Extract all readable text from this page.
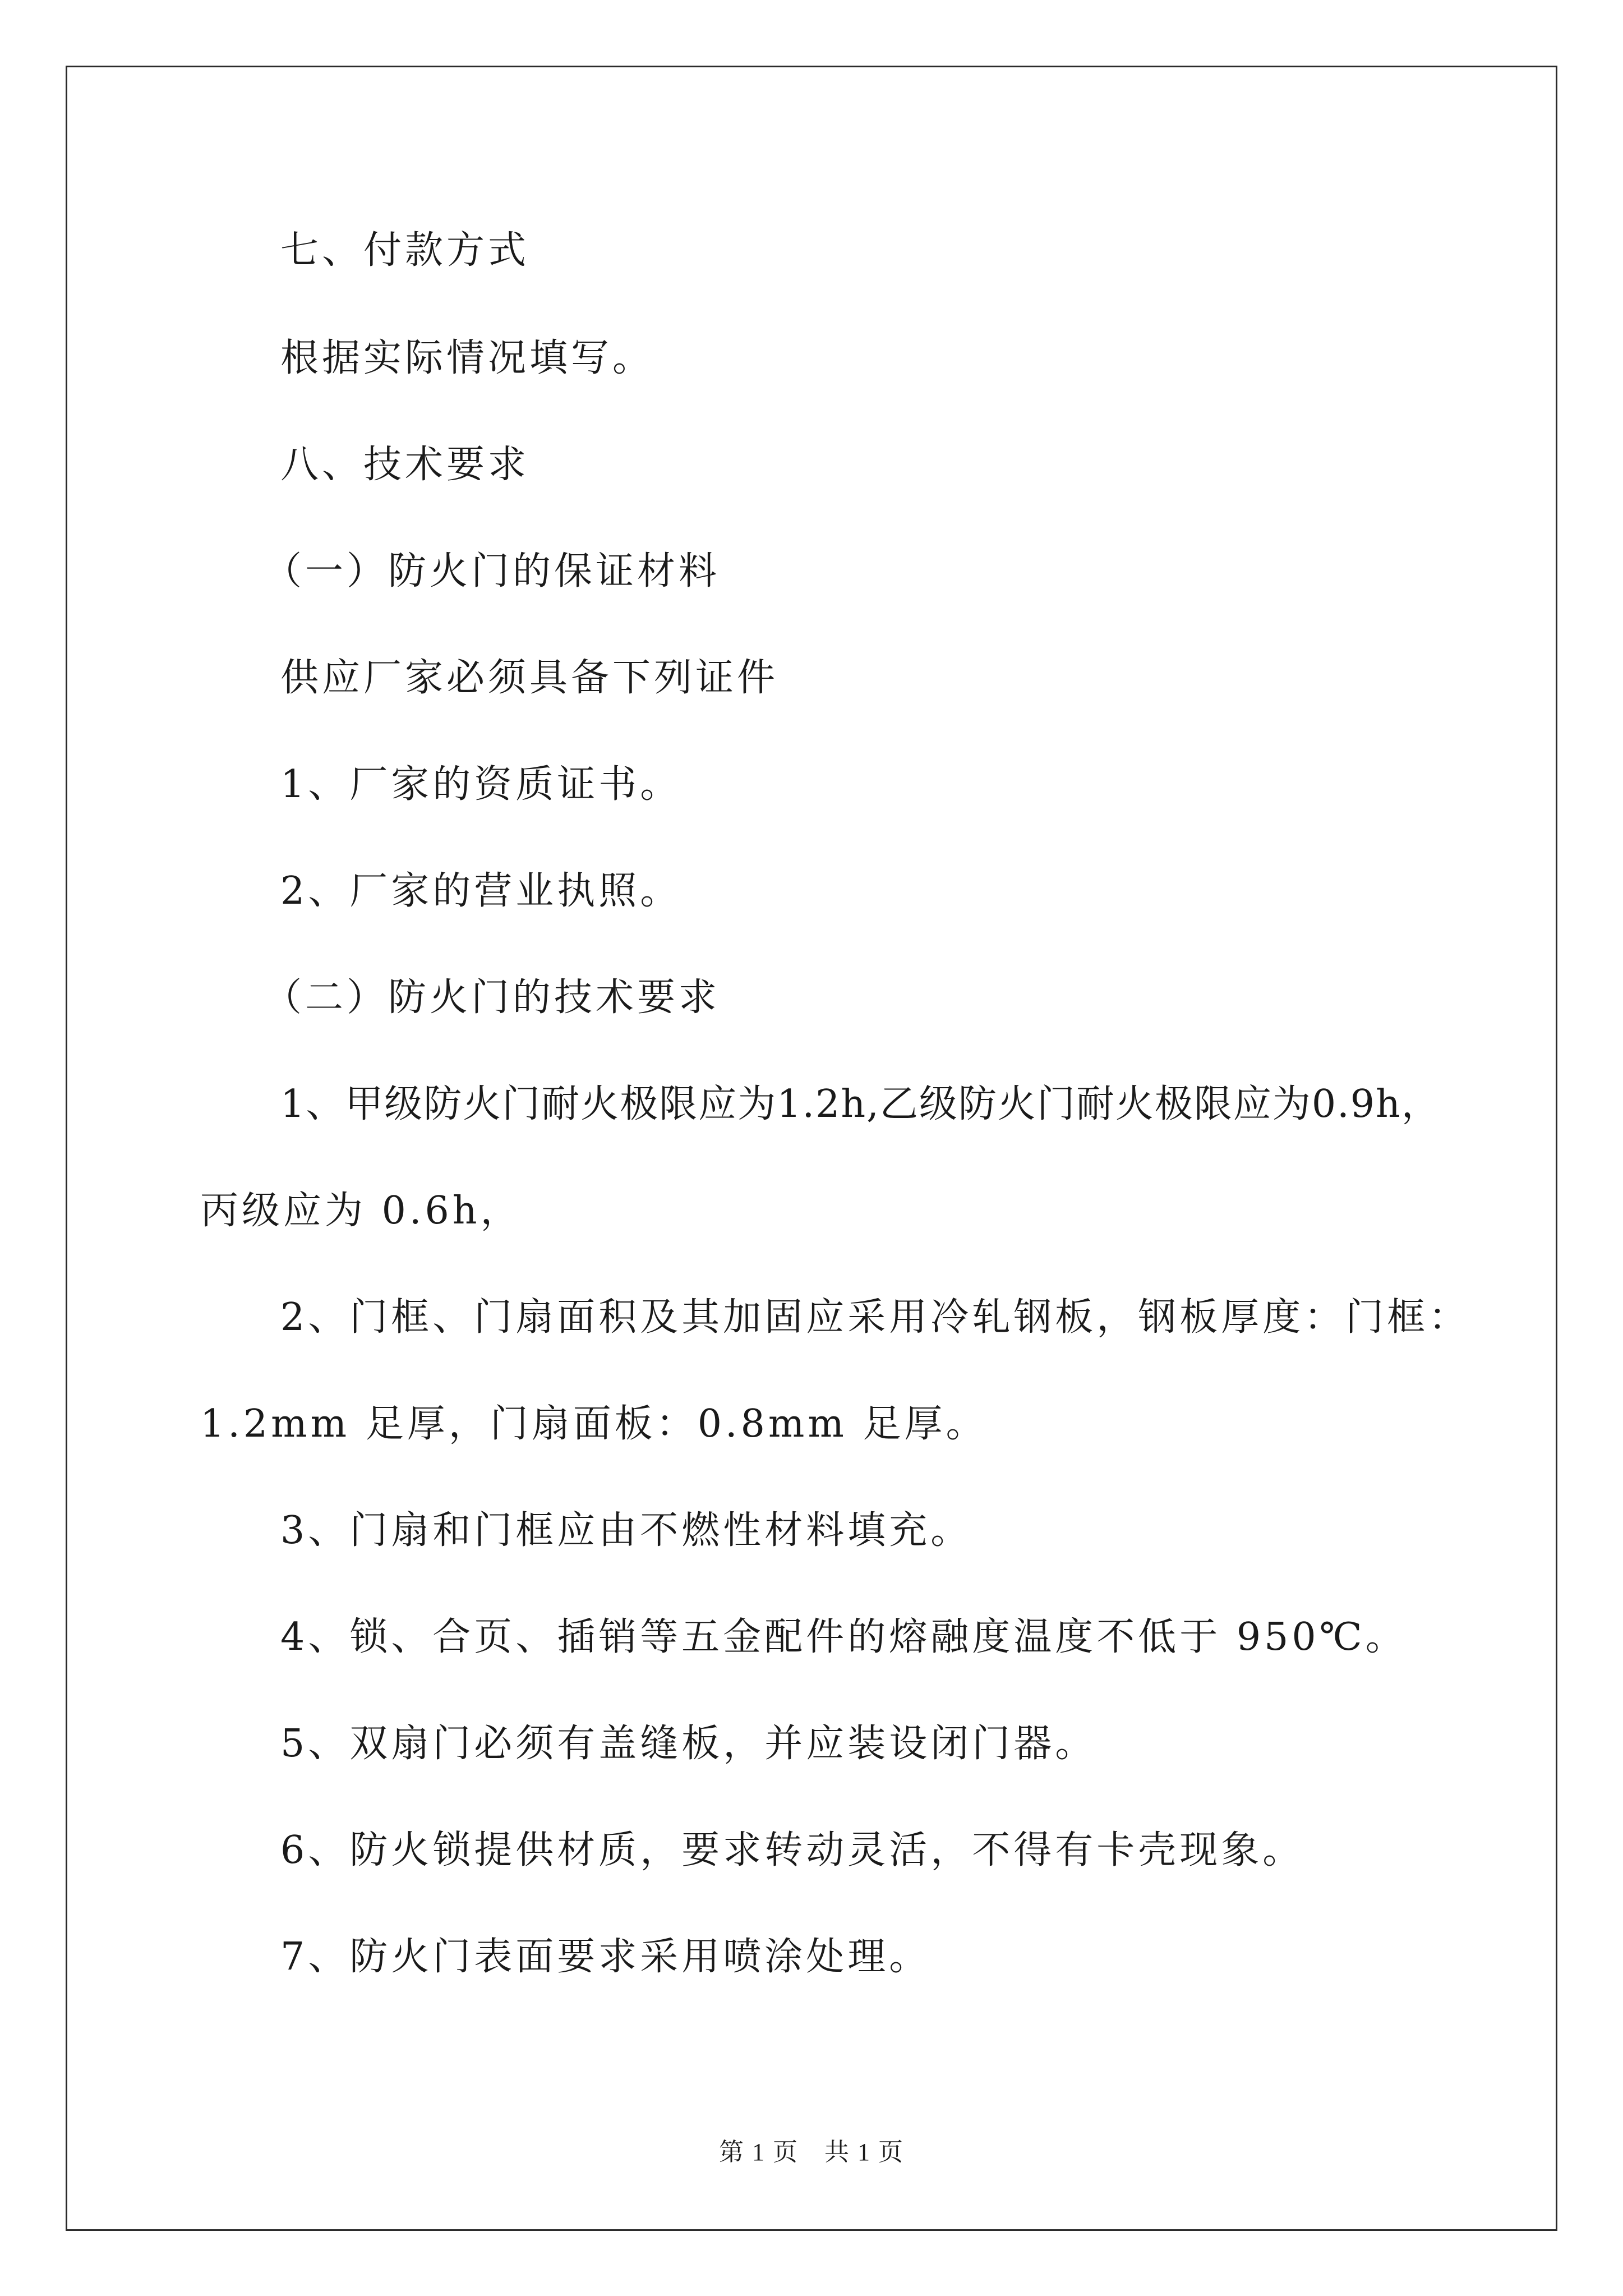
七、付款方式
根据实际情况填写。
八、技术要求
（一）防火门的保证材料
供应厂家必须具备下列证件
1、厂家的资质证书。
2、厂家的营业执照。
（二）防火门的技术要求
1、甲级防火门耐火极限应为1.2h,乙级防火门耐火极限应为0.9h，
丙级应为 0.6h，
2、门框、门扇面积及其加固应采用冷轧钢板，钢板厚度：门框：
1.2mm 足厚，门扇面板：0.8mm 足厚。
3、门扇和门框应由不燃性材料填充。
4、锁、合页、插销等五金配件的熔融度温度不低于 950℃。
5、双扇门必须有盖缝板，并应装设闭门器。
6、防火锁提供材质，要求转动灵活，不得有卡壳现象。
7、防火门表面要求采用喷涂处理。
第 1 页　共 1 页
